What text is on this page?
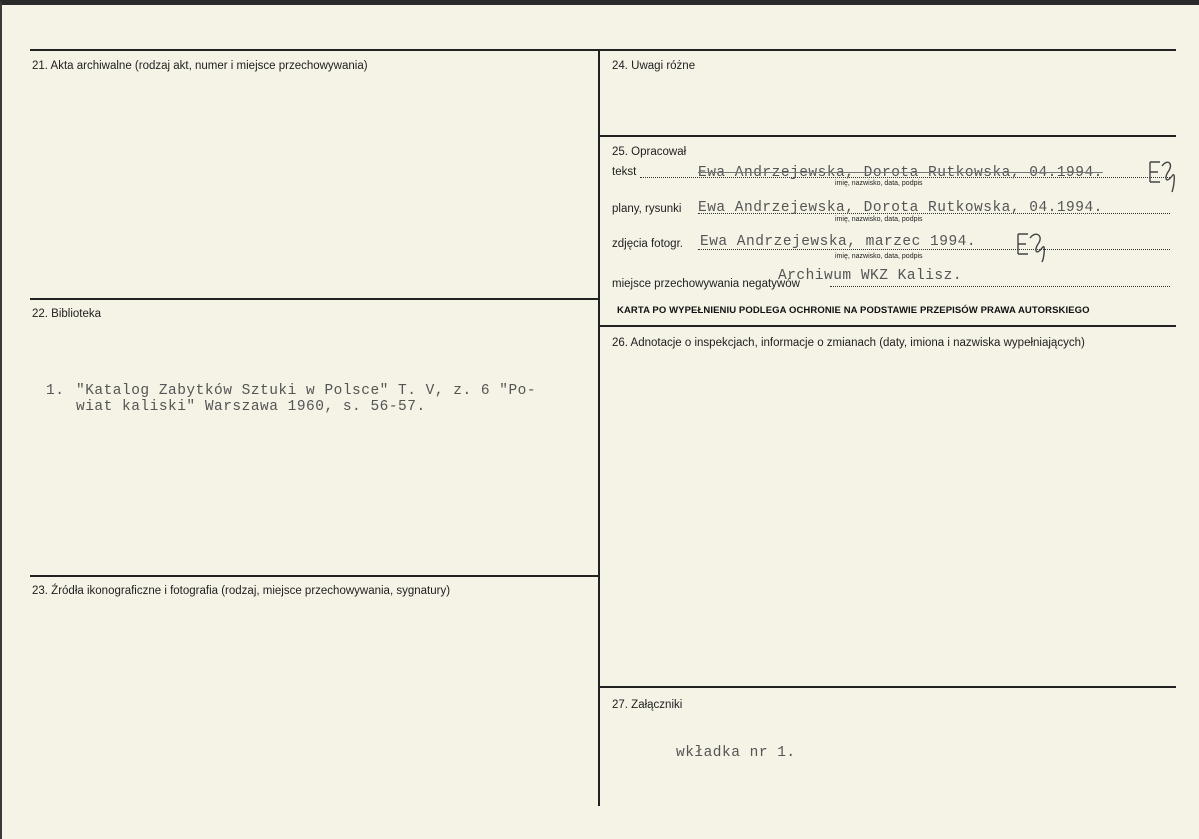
21. Akta archiwalne (rodzaj akt, numer i miejsce przechowywania)
22. Biblioteka
1. "Katalog Zabytków Sztuki w Polsce" T. V, z. 6 "Po-
wiat kaliski" Warszawa 1960, s. 56-57.
23. Źródła ikonograficzne i fotografia (rodzaj, miejsce przechowywania, sygnatury)
24. Uwagi różne
25. Opracował
tekst	Ewa Andrzejewska, Dorota Rutkowska, 04.1994.
imię, nazwisko, data, podpis
plany, rysunki Ewa Andrzejewska, Dorota Rutkowska, 04.1994.
imię, nazwisko, data, podpis
zdjęcia fotogr. Ewa Andrzejewska, marzec 1994.
imię, nazwisko, data, podpis
miejsce przechowywania negatywów
Archiwum WKZ Kalisz.
KARTA PO WYPEŁNIENIU PODLEGA OCHRONIE NA PODSTAWIE PRZEPISÓW PRAWA AUTORSKIEGO
26. Adnotacje o inspekcjach, informacje o zmianach (daty, imiona i nazwiska wypełniających)
27. Załączniki
wkładka nr 1.
